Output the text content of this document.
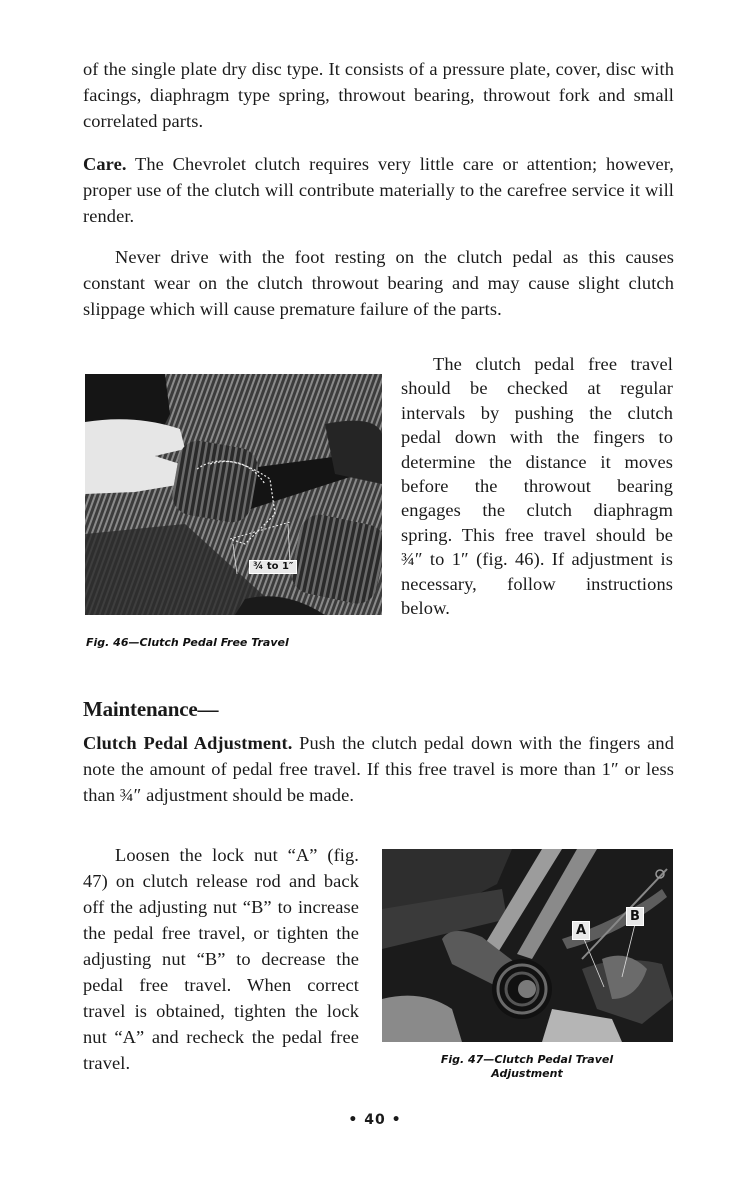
of the single plate dry disc type. It consists of a pressure plate, cover, disc with facings, diaphragm type spring, throwout bearing, throwout fork and small correlated parts.

Care. The Chevrolet clutch requires very little care or attention; however, proper use of the clutch will contribute materially to the carefree service it will render.

Never drive with the foot resting on the clutch pedal as this causes constant wear on the clutch throwout bearing and may cause slight clutch slippage which will cause premature failure of the parts.

¾ to 1″
Fig. 46—Clutch Pedal Free Travel

The clutch pedal free travel should be checked at regular intervals by pushing the clutch pedal down with the fingers to determine the distance it moves before the throwout bearing engages the clutch diaphragm spring. This free travel should be ¾″ to 1″ (fig. 46). If adjustment is necessary, follow instructions below.

Maintenance—

Clutch Pedal Adjustment. Push the clutch pedal down with the fingers and note the amount of pedal free travel. If this free travel is more than 1″ or less than ¾″ adjustment should be made.

Loosen the lock nut “A” (fig. 47) on clutch release rod and back off the adjusting nut “B” to increase the pedal free travel, or tighten the adjusting nut “B” to decrease the pedal free travel. When correct travel is obtained, tighten the lock nut “A” and recheck the pedal free travel.

A
B
Fig. 47—Clutch Pedal Travel
Adjustment
• 40 •
